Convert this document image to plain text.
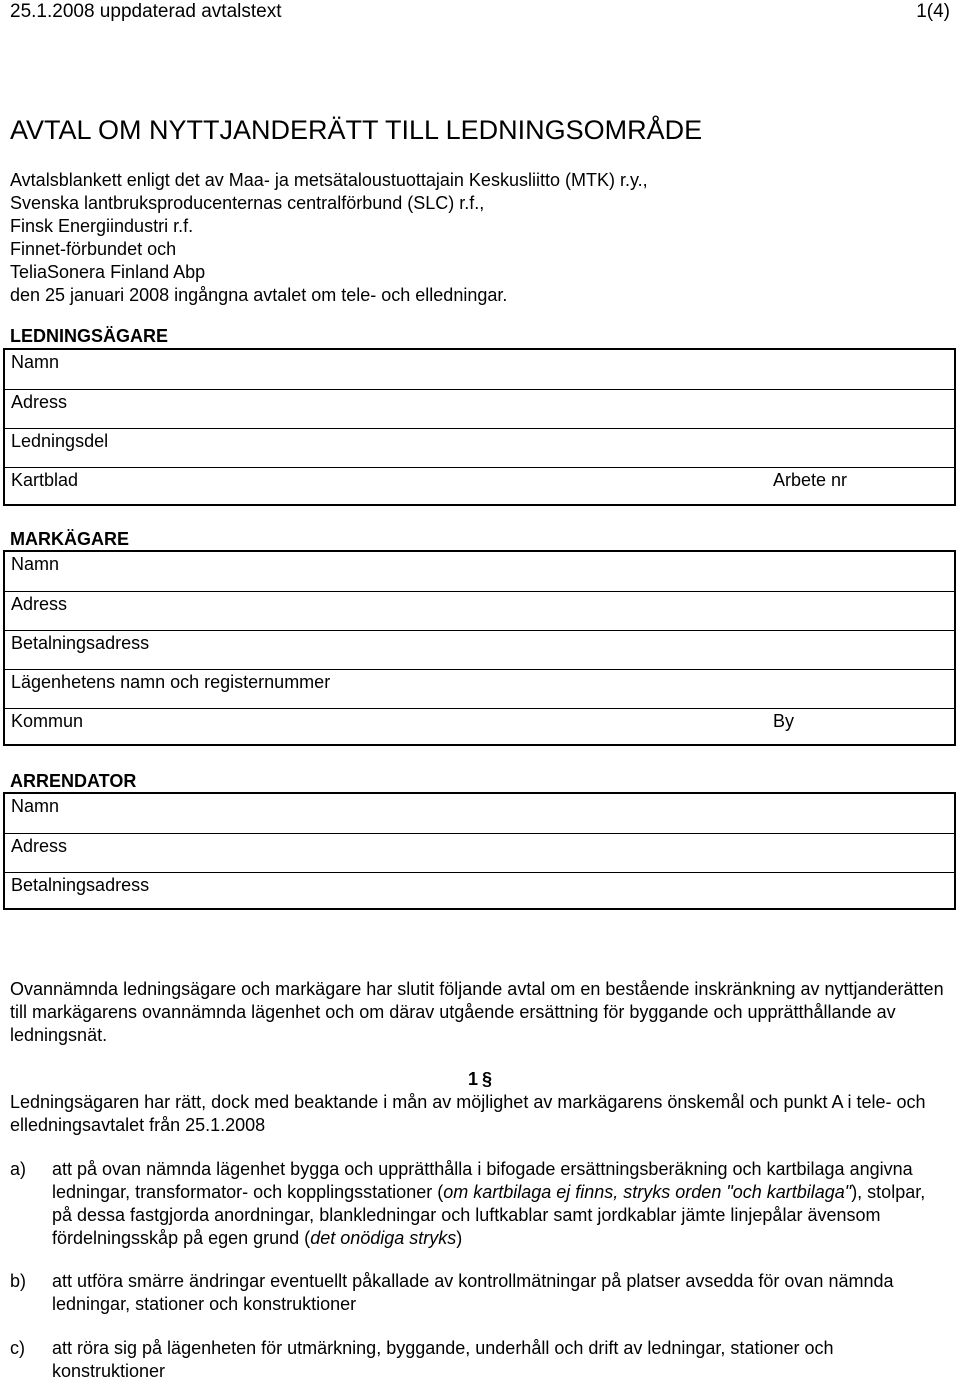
25.1.2008 uppdaterad avtalstext	1(4)
AVTAL OM NYTTJANDERÄTT TILL LEDNINGSOMRÅDE
Avtalsblankett enligt det av Maa- ja metsätaloustuottajain Keskusliitto (MTK) r.y.,
Svenska lantbruksproducenternas centralförbund (SLC) r.f.,
Finsk Energiindustri r.f.
Finnet-förbundet och
TeliaSonera Finland Abp
den 25 januari 2008 ingångna avtalet om tele- och elledningar.
LEDNINGSÄGARE
Namn
Adress
Ledningsdel
Kartblad	Arbete nr
MARKÄGARE
Namn
Adress
Betalningsadress
Lägenhetens namn och registernummer
Kommun	By
ARRENDATOR
Namn
Adress
Betalningsadress
Ovannämnda ledningsägare och markägare har slutit följande avtal om en bestående inskränkning av nyttjanderätten till markägarens ovannämnda lägenhet och om därav utgående ersättning för byggande och upprätthållande av ledningsnät.
1 §
Ledningsägaren har rätt, dock med beaktande i mån av möjlighet av markägarens önskemål och punkt A i tele- och elledningsavtalet från 25.1.2008
a) att på ovan nämnda lägenhet bygga och upprätthålla i bifogade ersättningsberäkning och kartbilaga angivna ledningar, transformator- och kopplingsstationer (om kartbilaga ej finns, stryks orden "och kartbilaga"), stolpar, på dessa fastgjorda anordningar, blankledningar och luftkablar samt jordkablar jämte linjepålar ävensom fördelningsskåp på egen grund (det onödiga stryks)
b) att utföra smärre ändringar eventuellt påkallade av kontrollmätningar på platser avsedda för ovan nämnda ledningar, stationer och konstruktioner
c) att röra sig på lägenheten för utmärkning, byggande, underhåll och drift av ledningar, stationer och konstruktioner
